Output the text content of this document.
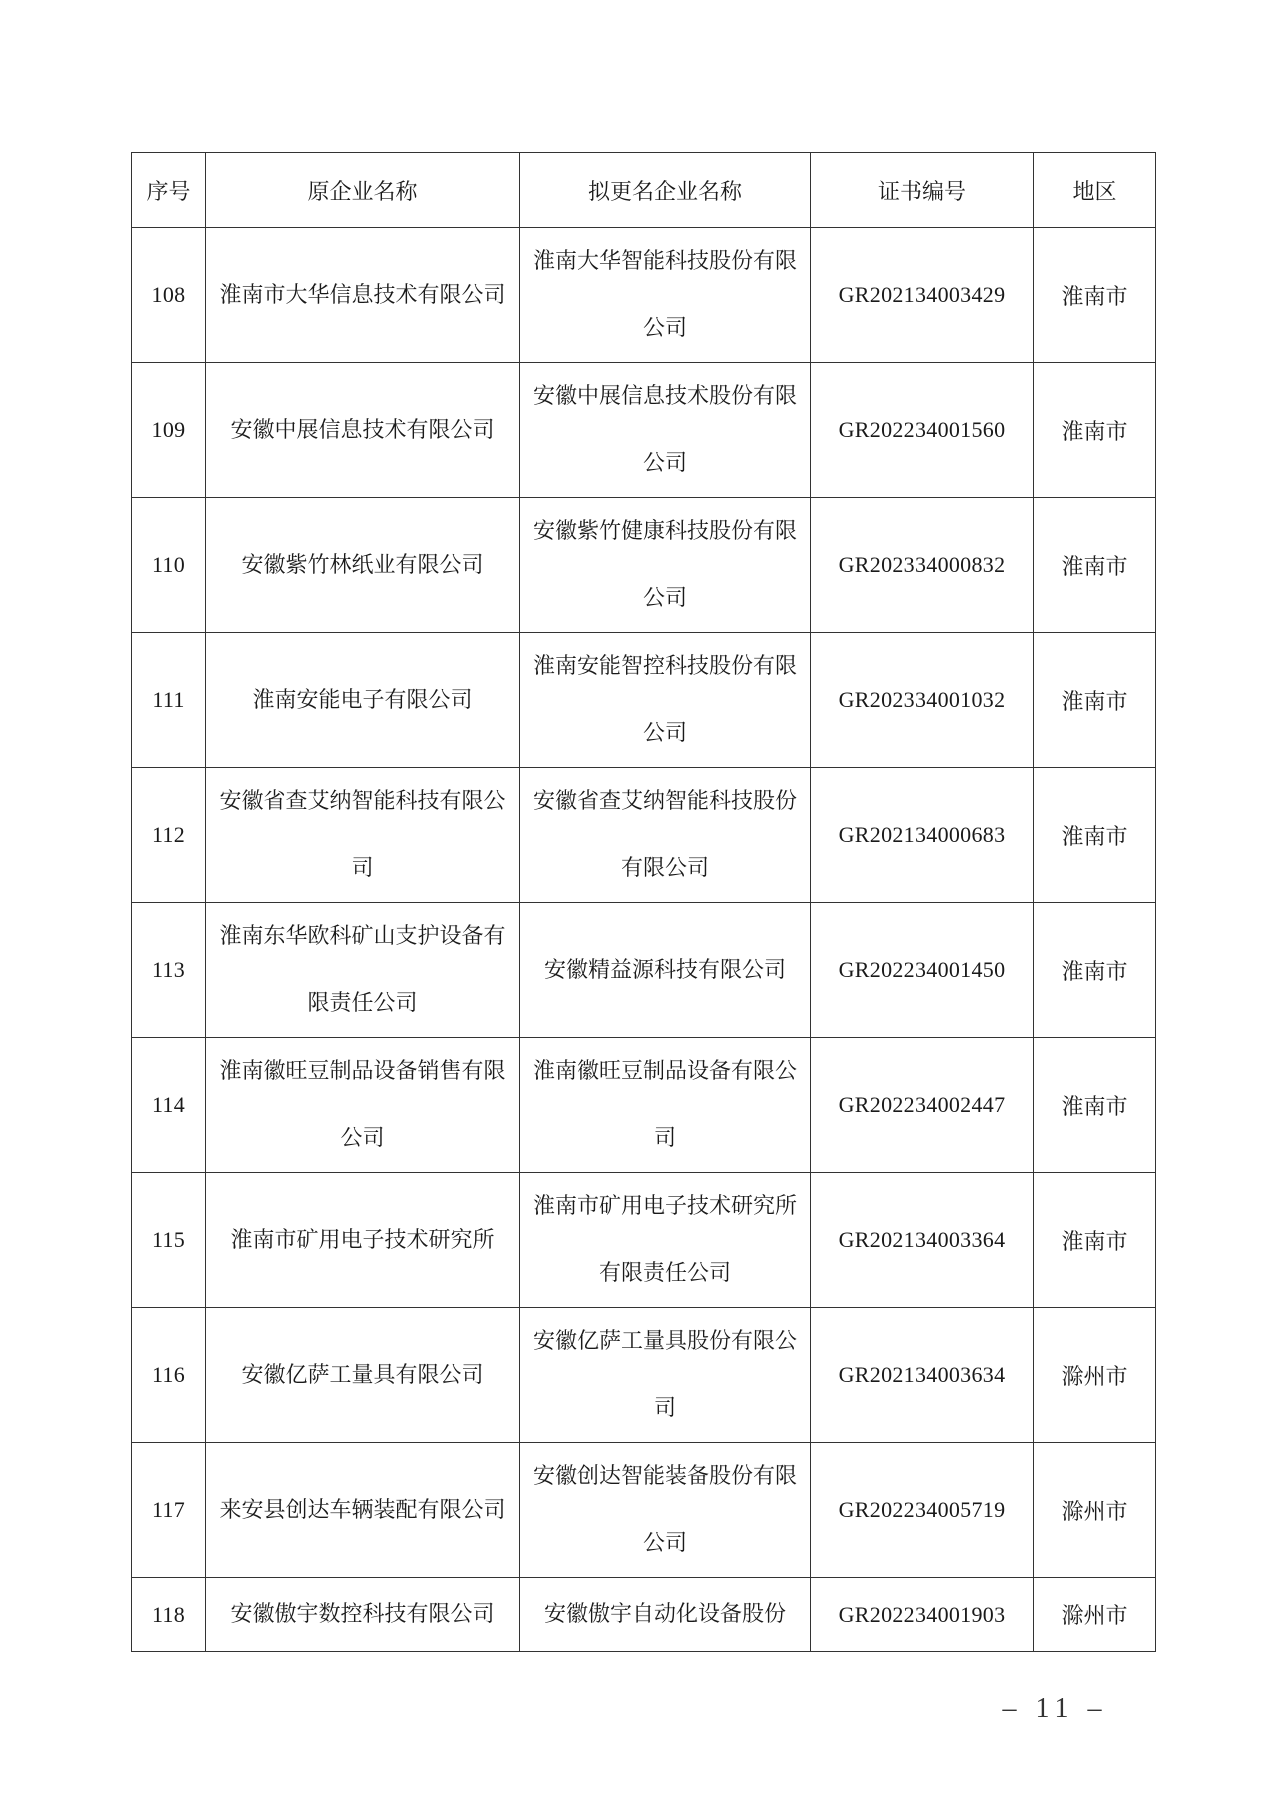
序号	原企业名称	拟更名企业名称	证书编号	地区
108	淮南市大华信息技术有限公司	淮南大华智能科技股份有限公司	GR202134003429	淮南市
109	安徽中展信息技术有限公司	安徽中展信息技术股份有限公司	GR202234001560	淮南市
110	安徽紫竹林纸业有限公司	安徽紫竹健康科技股份有限公司	GR202334000832	淮南市
111	淮南安能电子有限公司	淮南安能智控科技股份有限公司	GR202334001032	淮南市
112	安徽省查艾纳智能科技有限公司	安徽省查艾纳智能科技股份有限公司	GR202134000683	淮南市
113	淮南东华欧科矿山支护设备有限责任公司	安徽精益源科技有限公司	GR202234001450	淮南市
114	淮南徽旺豆制品设备销售有限公司	淮南徽旺豆制品设备有限公司	GR202234002447	淮南市
115	淮南市矿用电子技术研究所	淮南市矿用电子技术研究所有限责任公司	GR202134003364	淮南市
116	安徽亿萨工量具有限公司	安徽亿萨工量具股份有限公司	GR202134003634	滁州市
117	来安县创达车辆装配有限公司	安徽创达智能装备股份有限公司	GR202234005719	滁州市
118	安徽傲宇数控科技有限公司	安徽傲宇自动化设备股份	GR202234001903	滁州市
– 11 –
